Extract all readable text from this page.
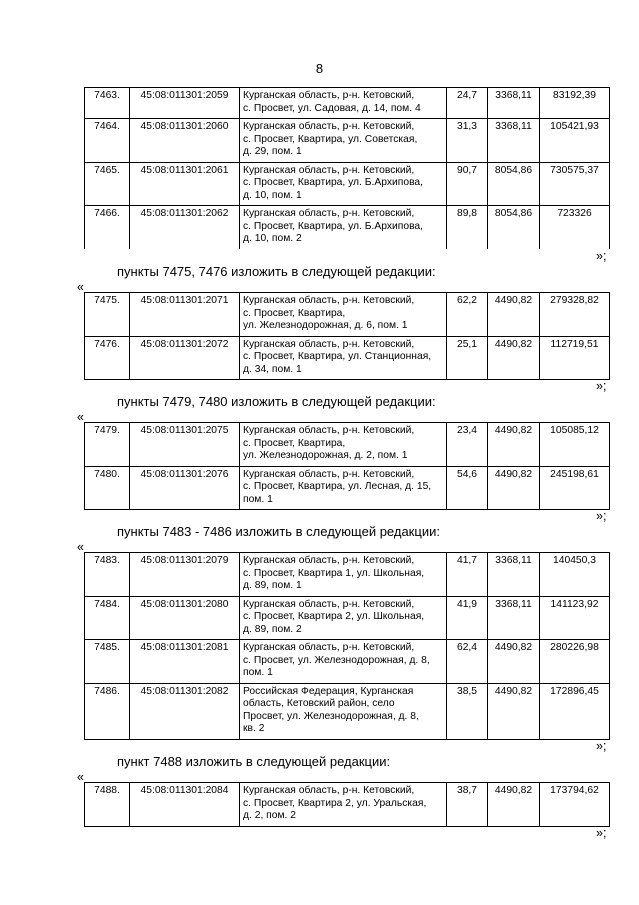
8
7463.	45:08:011301:2059	Курганская область, р-н. Кетовский,
с. Просвет, ул. Садовая, д. 14, пом. 4	24,7	3368,11	83192,39
7464.	45:08:011301:2060	Курганская область, р-н. Кетовский,
с. Просвет, Квартира, ул. Советская,
д. 29, пом. 1	31,3	3368,11	105421,93
7465.	45:08:011301:2061	Курганская область, р-н. Кетовский,
с. Просвет, Квартира, ул. Б.Архипова,
д. 10, пом. 1	90,7	8054,86	730575,37
7466.	45:08:011301:2062	Курганская область, р-н. Кетовский,
с. Просвет, Квартира, ул. Б.Архипова,
д. 10, пом. 2	89,8	8054,86	723326
»;
пункты 7475, 7476 изложить в следующей редакции:
«
7475.	45:08:011301:2071	Курганская область, р-н. Кетовский,
с. Просвет, Квартира,
ул. Железнодорожная, д. 6, пом. 1	62,2	4490,82	279328,82
7476.	45:08:011301:2072	Курганская область, р-н. Кетовский,
с. Просвет, Квартира, ул. Станционная,
д. 34, пом. 1	25,1	4490,82	112719,51
»;
пункты 7479, 7480 изложить в следующей редакции:
«
7479.	45:08:011301:2075	Курганская область, р-н. Кетовский,
с. Просвет, Квартира,
ул. Железнодорожная, д. 2, пом. 1	23,4	4490,82	105085,12
7480.	45:08:011301:2076	Курганская область, р-н. Кетовский,
с. Просвет, Квартира, ул. Лесная, д. 15,
пом. 1	54,6	4490,82	245198,61
»;
пункты 7483 - 7486 изложить в следующей редакции:
«
7483.	45:08:011301:2079	Курганская область, р-н. Кетовский,
с. Просвет, Квартира 1, ул. Школьная,
д. 89, пом. 1	41,7	3368,11	140450,3
7484.	45:08:011301:2080	Курганская область, р-н. Кетовский,
с. Просвет, Квартира 2, ул. Школьная,
д. 89, пом. 2	41,9	3368,11	141123,92
7485.	45:08:011301:2081	Курганская область, р-н. Кетовский,
с. Просвет, ул. Железнодорожная, д. 8,
пом. 1	62,4	4490,82	280226,98
7486.	45:08:011301:2082	Российская Федерация, Курганская
область, Кетовский район, село
Просвет, ул. Железнодорожная, д. 8,
кв. 2	38,5	4490,82	172896,45
»;
пункт 7488 изложить в следующей редакции:
«
7488.	45:08:011301:2084	Курганская область, р-н. Кетовский,
с. Просвет, Квартира 2, ул. Уральская,
д. 2, пом. 2
	38,7	4490,82	173794,62
»;
